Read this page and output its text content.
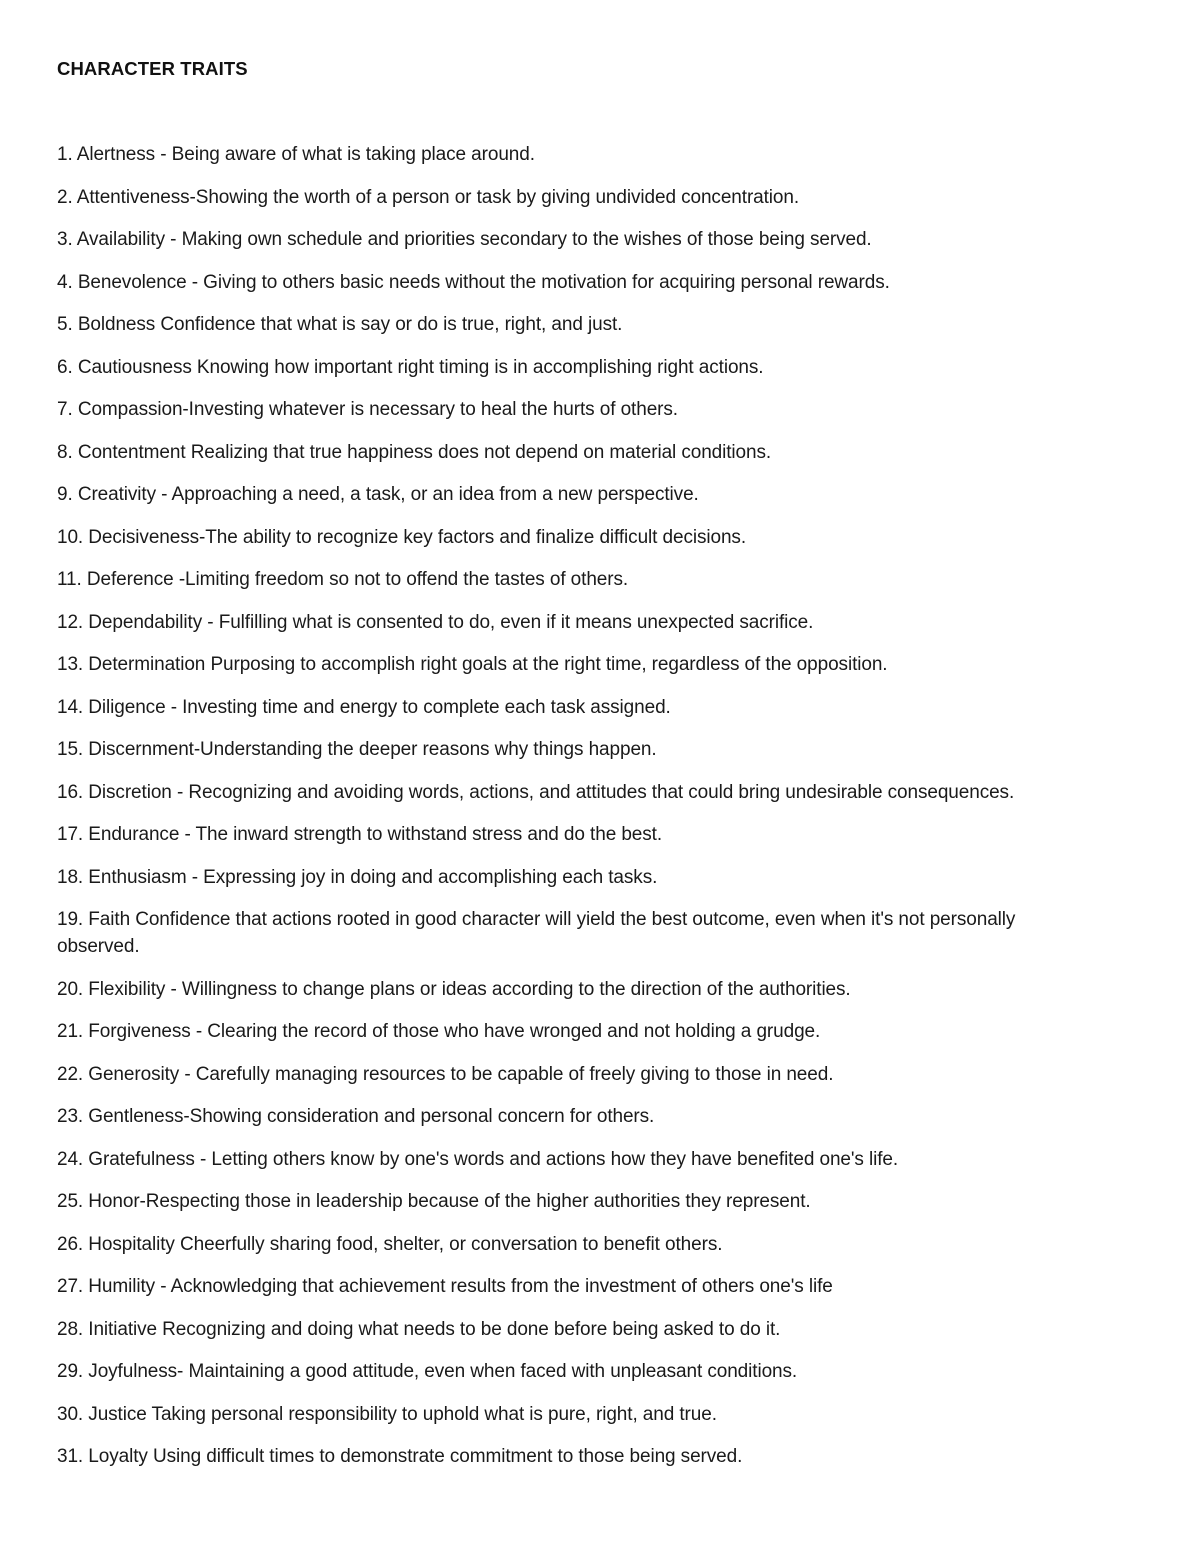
CHARACTER TRAITS
1. Alertness - Being aware of what is taking place around.
2. Attentiveness-Showing the worth of a person or task by giving undivided concentration.
3. Availability - Making own schedule and priorities secondary to the wishes of those being served.
4. Benevolence - Giving to others basic needs without the motivation for acquiring personal rewards.
5. Boldness Confidence that what is say or do is true, right, and just.
6. Cautiousness Knowing how important right timing is in accomplishing right actions.
7. Compassion-Investing whatever is necessary to heal the hurts of others.
8. Contentment Realizing that true happiness does not depend on material conditions.
9. Creativity - Approaching a need, a task, or an idea from a new perspective.
10. Decisiveness-The ability to recognize key factors and finalize difficult decisions.
11. Deference -Limiting freedom so not to offend the tastes of others.
12. Dependability - Fulfilling what is consented to do, even if it means unexpected sacrifice.
13. Determination Purposing to accomplish right goals at the right time, regardless of the opposition.
14. Diligence - Investing time and energy to complete each task assigned.
15. Discernment-Understanding the deeper reasons why things happen.
16. Discretion - Recognizing and avoiding words, actions, and attitudes that could bring undesirable consequences.
17. Endurance - The inward strength to withstand stress and do the best.
18. Enthusiasm - Expressing joy in doing and accomplishing each tasks.
19. Faith Confidence that actions rooted in good character will yield the best outcome, even when it's not personally observed.
20. Flexibility - Willingness to change plans or ideas according to the direction of the authorities.
21. Forgiveness - Clearing the record of those who have wronged and not holding a grudge.
22. Generosity - Carefully managing resources to be capable of freely giving to those in need.
23. Gentleness-Showing consideration and personal concern for others.
24. Gratefulness - Letting others know by one's words and actions how they have benefited one's life.
25. Honor-Respecting those in leadership because of the higher authorities they represent.
26. Hospitality Cheerfully sharing food, shelter, or conversation to benefit others.
27. Humility - Acknowledging that achievement results from the investment of others one's life
28. Initiative Recognizing and doing what needs to be done before being asked to do it.
29. Joyfulness- Maintaining a good attitude, even when faced with unpleasant conditions.
30. Justice Taking personal responsibility to uphold what is pure, right, and true.
31. Loyalty Using difficult times to demonstrate commitment to those being served.
